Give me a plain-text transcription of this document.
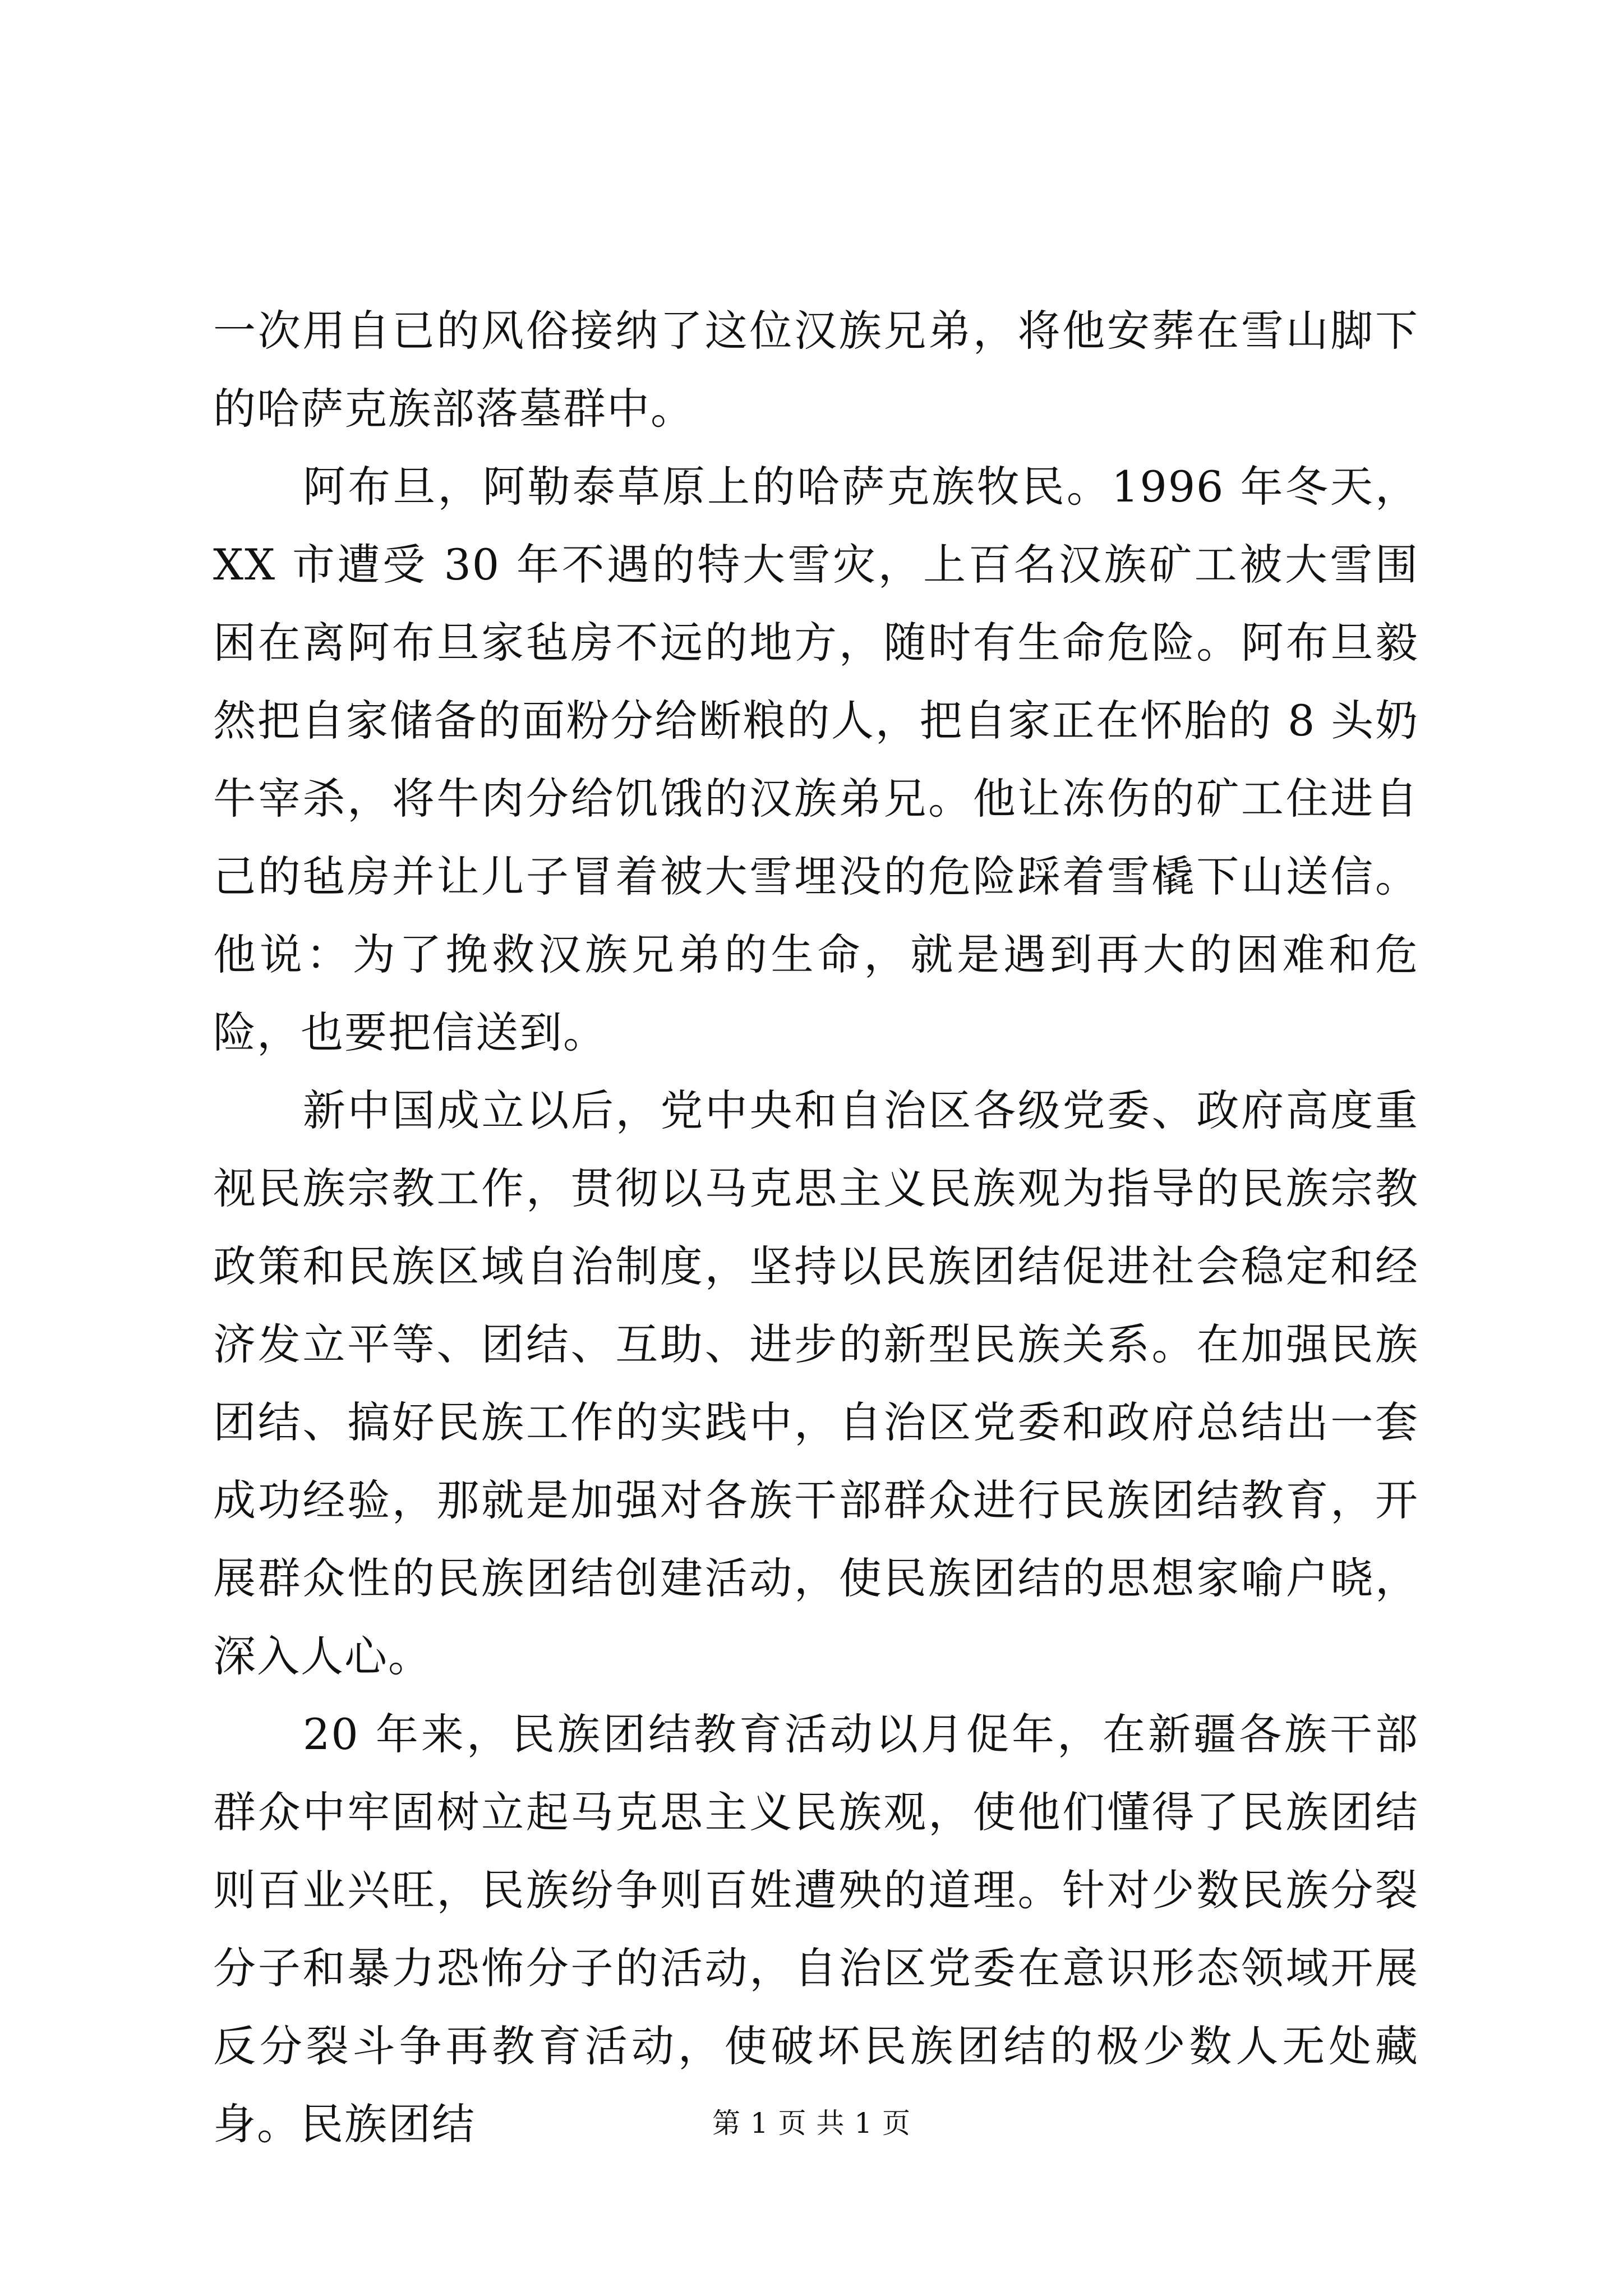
一次用自已的风俗接纳了这位汉族兄弟，将他安葬在雪山脚下的哈萨克族部落墓群中。

阿布旦，阿勒泰草原上的哈萨克族牧民。1996 年冬天，XX 市遭受 30 年不遇的特大雪灾，上百名汉族矿工被大雪围困在离阿布旦家毡房不远的地方，随时有生命危险。阿布旦毅然把自家储备的面粉分给断粮的人，把自家正在怀胎的 8 头奶牛宰杀，将牛肉分给饥饿的汉族弟兄。他让冻伤的矿工住进自己的毡房并让儿子冒着被大雪埋没的危险踩着雪橇下山送信。他说：为了挽救汉族兄弟的生命，就是遇到再大的困难和危险，也要把信送到。

新中国成立以后，党中央和自治区各级党委、政府高度重视民族宗教工作，贯彻以马克思主义民族观为指导的民族宗教政策和民族区域自治制度，坚持以民族团结促进社会稳定和经济发立平等、团结、互助、进步的新型民族关系。在加强民族团结、搞好民族工作的实践中，自治区党委和政府总结出一套成功经验，那就是加强对各族干部群众进行民族团结教育，开展群众性的民族团结创建活动，使民族团结的思想家喻户晓，深入人心。

20 年来，民族团结教育活动以月促年，在新疆各族干部群众中牢固树立起马克思主义民族观，使他们懂得了民族团结则百业兴旺，民族纷争则百姓遭殃的道理。针对少数民族分裂分子和暴力恐怖分子的活动，自治区党委在意识形态领域开展反分裂斗争再教育活动，使破坏民族团结的极少数人无处藏身。民族团结	第 1 页 共 1 页
